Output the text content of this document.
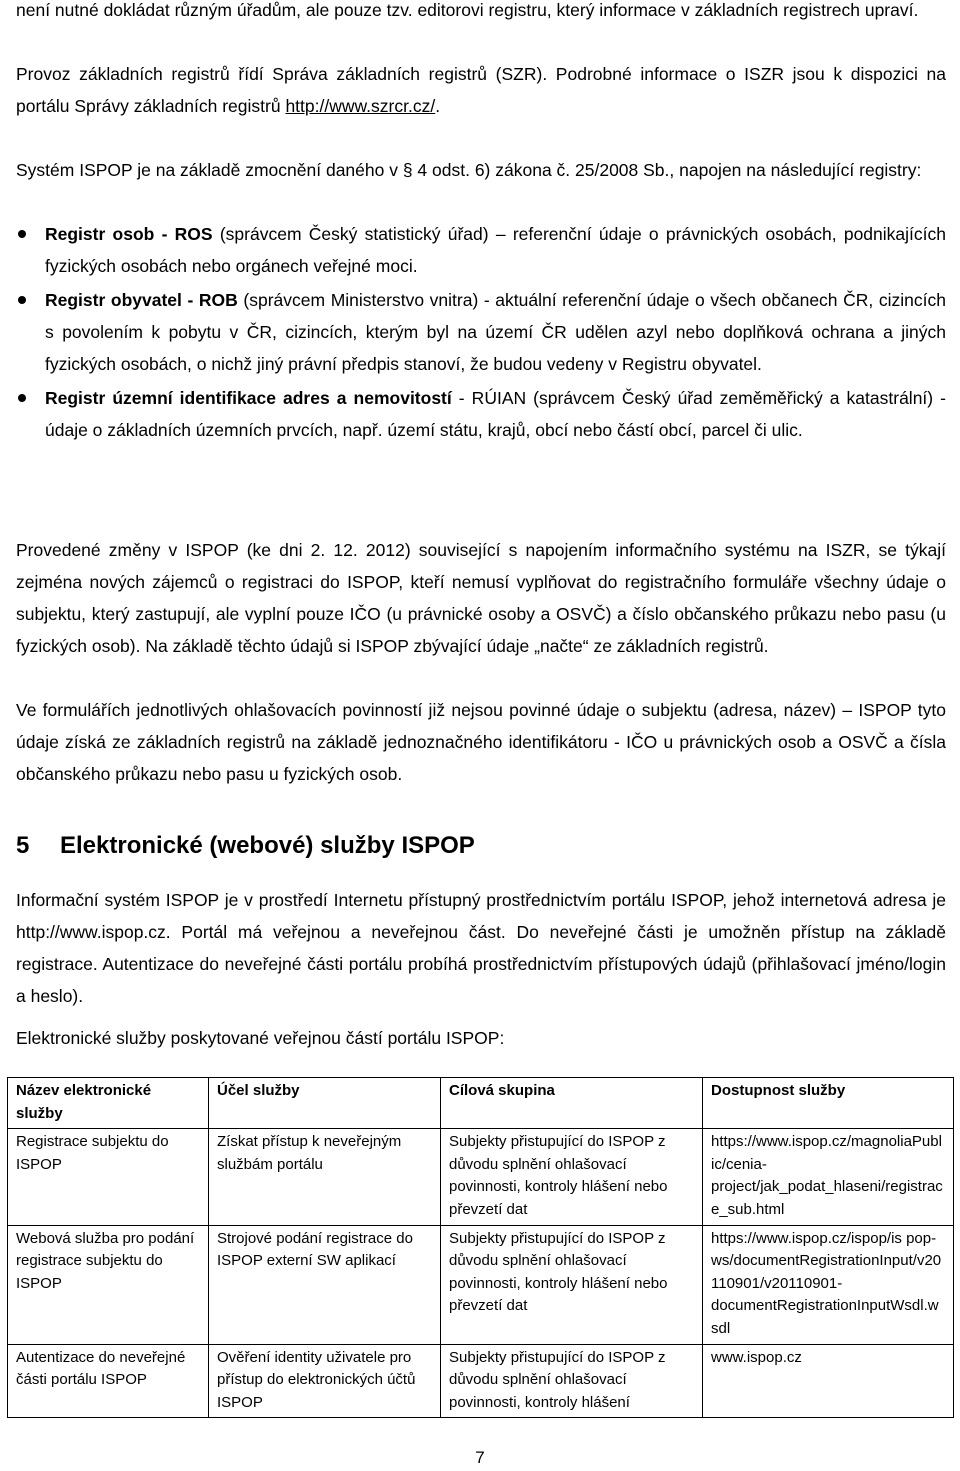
není nutné dokládat různým úřadům, ale pouze tzv. editorovi registru, který informace v základních registrech upraví.

Provoz základních registrů řídí Správa základních registrů (SZR). Podrobné informace o ISZR jsou k dispozici na portálu Správy základních registrů http://www.szrcr.cz/.

Systém ISPOP je na základě zmocnění daného v § 4 odst. 6) zákona č. 25/2008 Sb., napojen na následující registry:

Registr osob - ROS (správcem Český statistický úřad) – referenční údaje o právnických osobách, podnikajících fyzických osobách nebo orgánech veřejné moci.
Registr obyvatel - ROB (správcem Ministerstvo vnitra) - aktuální referenční údaje o všech občanech ČR, cizincích s povolením k pobytu v ČR, cizincích, kterým byl na území ČR udělen azyl nebo doplňková ochrana a jiných fyzických osobách, o nichž jiný právní předpis stanoví, že budou vedeny v Registru obyvatel.
Registr územní identifikace adres a nemovitostí - RÚIAN (správcem Český úřad zeměměřický a katastrální) - údaje o základních územních prvcích, např. území státu, krajů, obcí nebo částí obcí, parcel či ulic.

Provedené změny v ISPOP (ke dni 2. 12. 2012) související s napojením informačního systému na ISZR, se týkají zejména nových zájemců o registraci do ISPOP, kteří nemusí vyplňovat do registračního formuláře všechny údaje o subjektu, který zastupují, ale vyplní pouze IČO (u právnické osoby a OSVČ) a číslo občanského průkazu nebo pasu (u fyzických osob). Na základě těchto údajů si ISPOP zbývající údaje „načte“ ze základních registrů.

Ve formulářích jednotlivých ohlašovacích povinností již nejsou povinné údaje o subjektu (adresa, název) – ISPOP tyto údaje získá ze základních registrů na základě jednoznačného identifikátoru - IČO u právnických osob a OSVČ a čísla občanského průkazu nebo pasu u fyzických osob.

5 Elektronické (webové) služby ISPOP

Informační systém ISPOP je v prostředí Internetu přístupný prostřednictvím portálu ISPOP, jehož internetová adresa je http://www.ispop.cz. Portál má veřejnou a neveřejnou část. Do neveřejné části je umožněn přístup na základě registrace. Autentizace do neveřejné části portálu probíhá prostřednictvím přístupových údajů (přihlašovací jméno/login a heslo).

Elektronické služby poskytované veřejnou částí portálu ISPOP:

Název elektronické služby	Účel služby	Cílová skupina	Dostupnost služby
Registrace subjektu do ISPOP	Získat přístup k neveřejným službám portálu	Subjekty přistupující do ISPOP z důvodu splnění ohlašovací povinnosti, kontroly hlášení nebo převzetí dat	https://www.ispop.cz/magnoliaPublic/cenia-project/jak_podat_hlaseni/registrace_sub.html
Webová služba pro podání registrace subjektu do ISPOP	Strojové podání registrace do ISPOP externí SW aplikací	Subjekty přistupující do ISPOP z důvodu splnění ohlašovací povinnosti, kontroly hlášení nebo převzetí dat	https://www.ispop.cz/ispop/is pop-ws/documentRegistrationInput/v20110901/v20110901-documentRegistrationInputWsdl.wsdl
Autentizace do neveřejné části portálu ISPOP	Ověření identity uživatele pro přístup do elektronických účtů ISPOP	Subjekty přistupující do ISPOP z důvodu splnění ohlašovací povinnosti, kontroly hlášení	www.ispop.cz
7
